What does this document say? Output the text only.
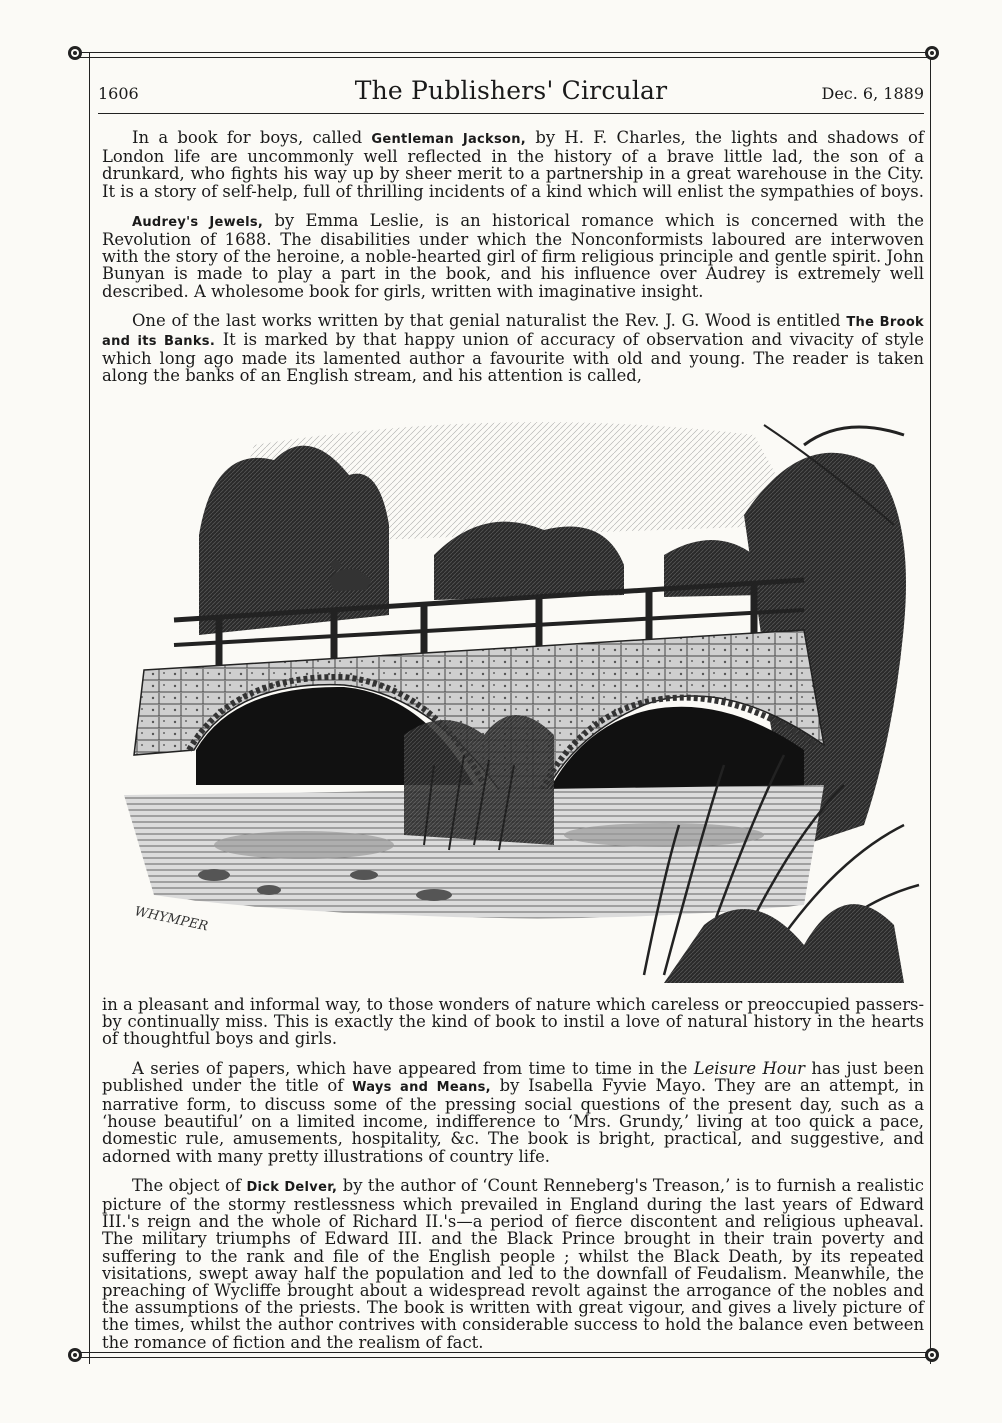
1606	The Publishers' Circular	Dec. 6, 1889

In a book for boys, called Gentleman Jackson, by H. F. Charles, the lights and shadows of London life are uncommonly well reflected in the history of a brave little lad, the son of a drunkard, who fights his way up by sheer merit to a partnership in a great warehouse in the City. It is a story of self-help, full of thrilling incidents of a kind which will enlist the sympathies of boys.

Audrey's Jewels, by Emma Leslie, is an historical romance which is concerned with the Revolution of 1688. The disabilities under which the Nonconformists laboured are interwoven with the story of the heroine, a noble-hearted girl of firm religious principle and gentle spirit. John Bunyan is made to play a part in the book, and his influence over Audrey is extremely well described. A wholesome book for girls, written with imaginative insight.

One of the last works written by that genial naturalist the Rev. J. G. Wood is entitled The Brook and its Banks. It is marked by that happy union of accuracy of observation and vivacity of style which long ago made its lamented author a favourite with old and young. The reader is taken along the banks of an English stream, and his attention is called,

WHYMPER

in a pleasant and informal way, to those wonders of nature which careless or preoccupied passers-by continually miss. This is exactly the kind of book to instil a love of natural history in the hearts of thoughtful boys and girls.

A series of papers, which have appeared from time to time in the Leisure Hour has just been published under the title of Ways and Means, by Isabella Fyvie Mayo. They are an attempt, in narrative form, to discuss some of the pressing social questions of the present day, such as a ‘house beautiful’ on a limited income, indifference to ‘Mrs. Grundy,’ living at too quick a pace, domestic rule, amusements, hospitality, &c. The book is bright, practical, and suggestive, and adorned with many pretty illustrations of country life.

The object of Dick Delver, by the author of ‘Count Renneberg's Treason,’ is to furnish a realistic picture of the stormy restlessness which prevailed in England during the last years of Edward III.'s reign and the whole of Richard II.'s—a period of fierce discontent and religious upheaval. The military triumphs of Edward III. and the Black Prince brought in their train poverty and suffering to the rank and file of the English people ; whilst the Black Death, by its repeated visitations, swept away half the population and led to the downfall of Feudalism. Meanwhile, the preaching of Wycliffe brought about a widespread revolt against the arrogance of the nobles and the assumptions of the priests. The book is written with great vigour, and gives a lively picture of the times, whilst the author contrives with considerable success to hold the balance even between the romance of fiction and the realism of fact.
